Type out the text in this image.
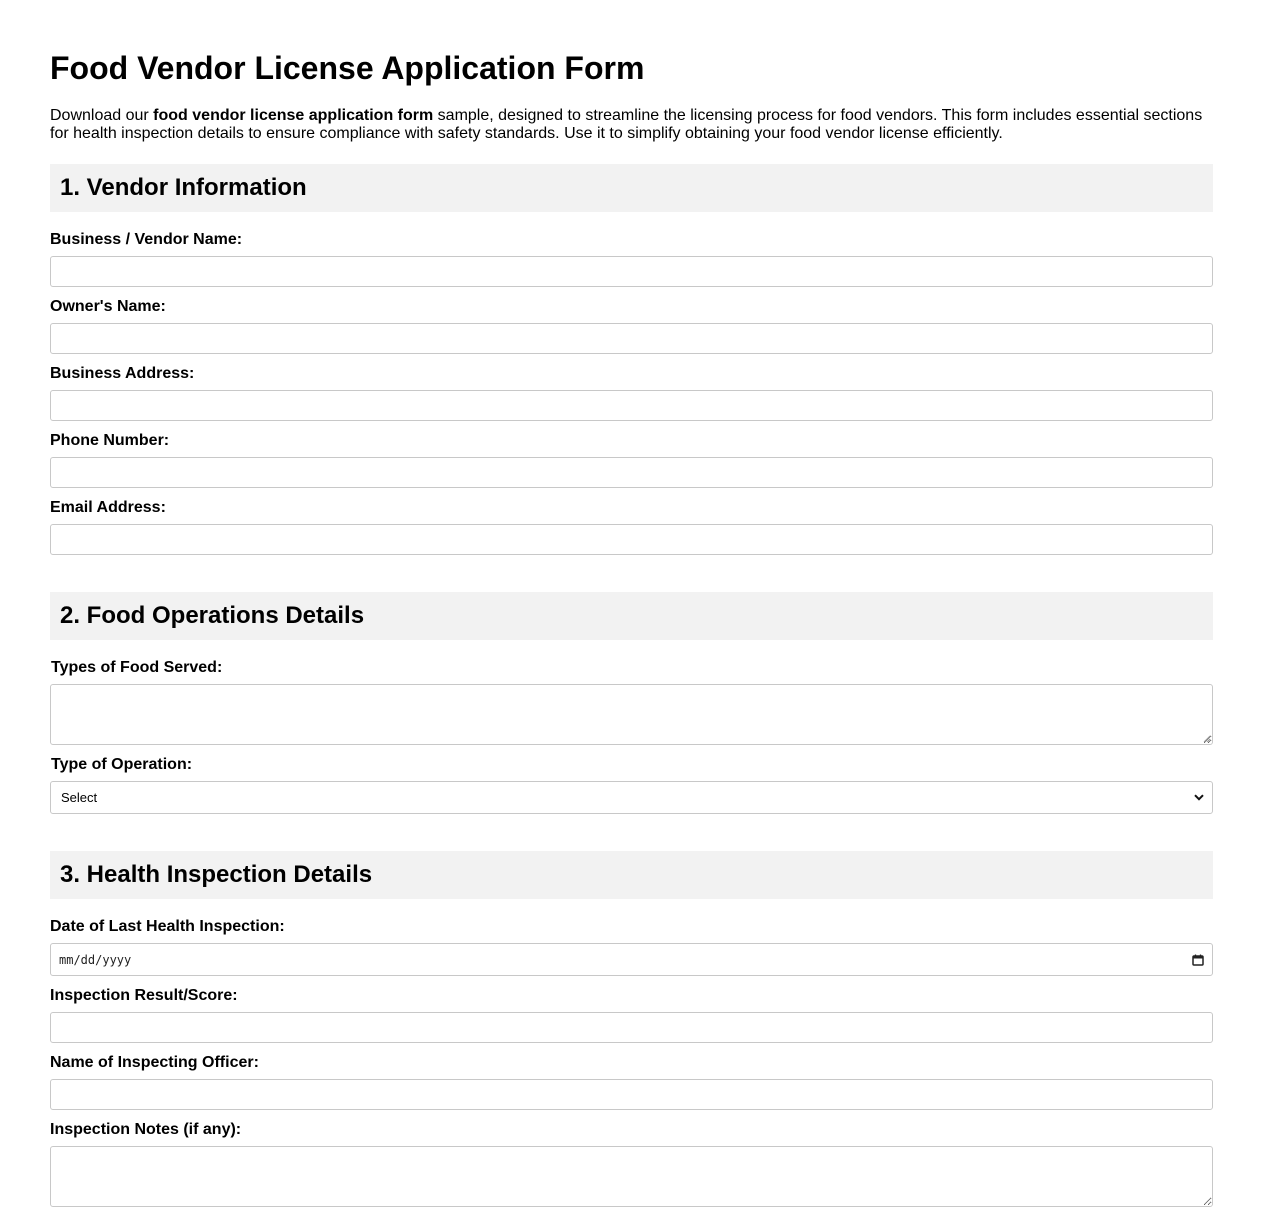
Food Vendor License Application Form

Download our food vendor license application form sample, designed to streamline the licensing process for food vendors. This form includes essential sections for health inspection details to ensure compliance with safety standards. Use it to simplify obtaining your food vendor license efficiently.

1. Vendor Information
Business / Vendor Name:
Owner's Name:
Business Address:
Phone Number:
Email Address:
2. Food Operations Details
Types of Food Served:
Type of Operation:
Select
3. Health Inspection Details
Date of Last Health Inspection:
mm/dd/yyyy
Inspection Result/Score:
Name of Inspecting Officer:
Inspection Notes (if any):
